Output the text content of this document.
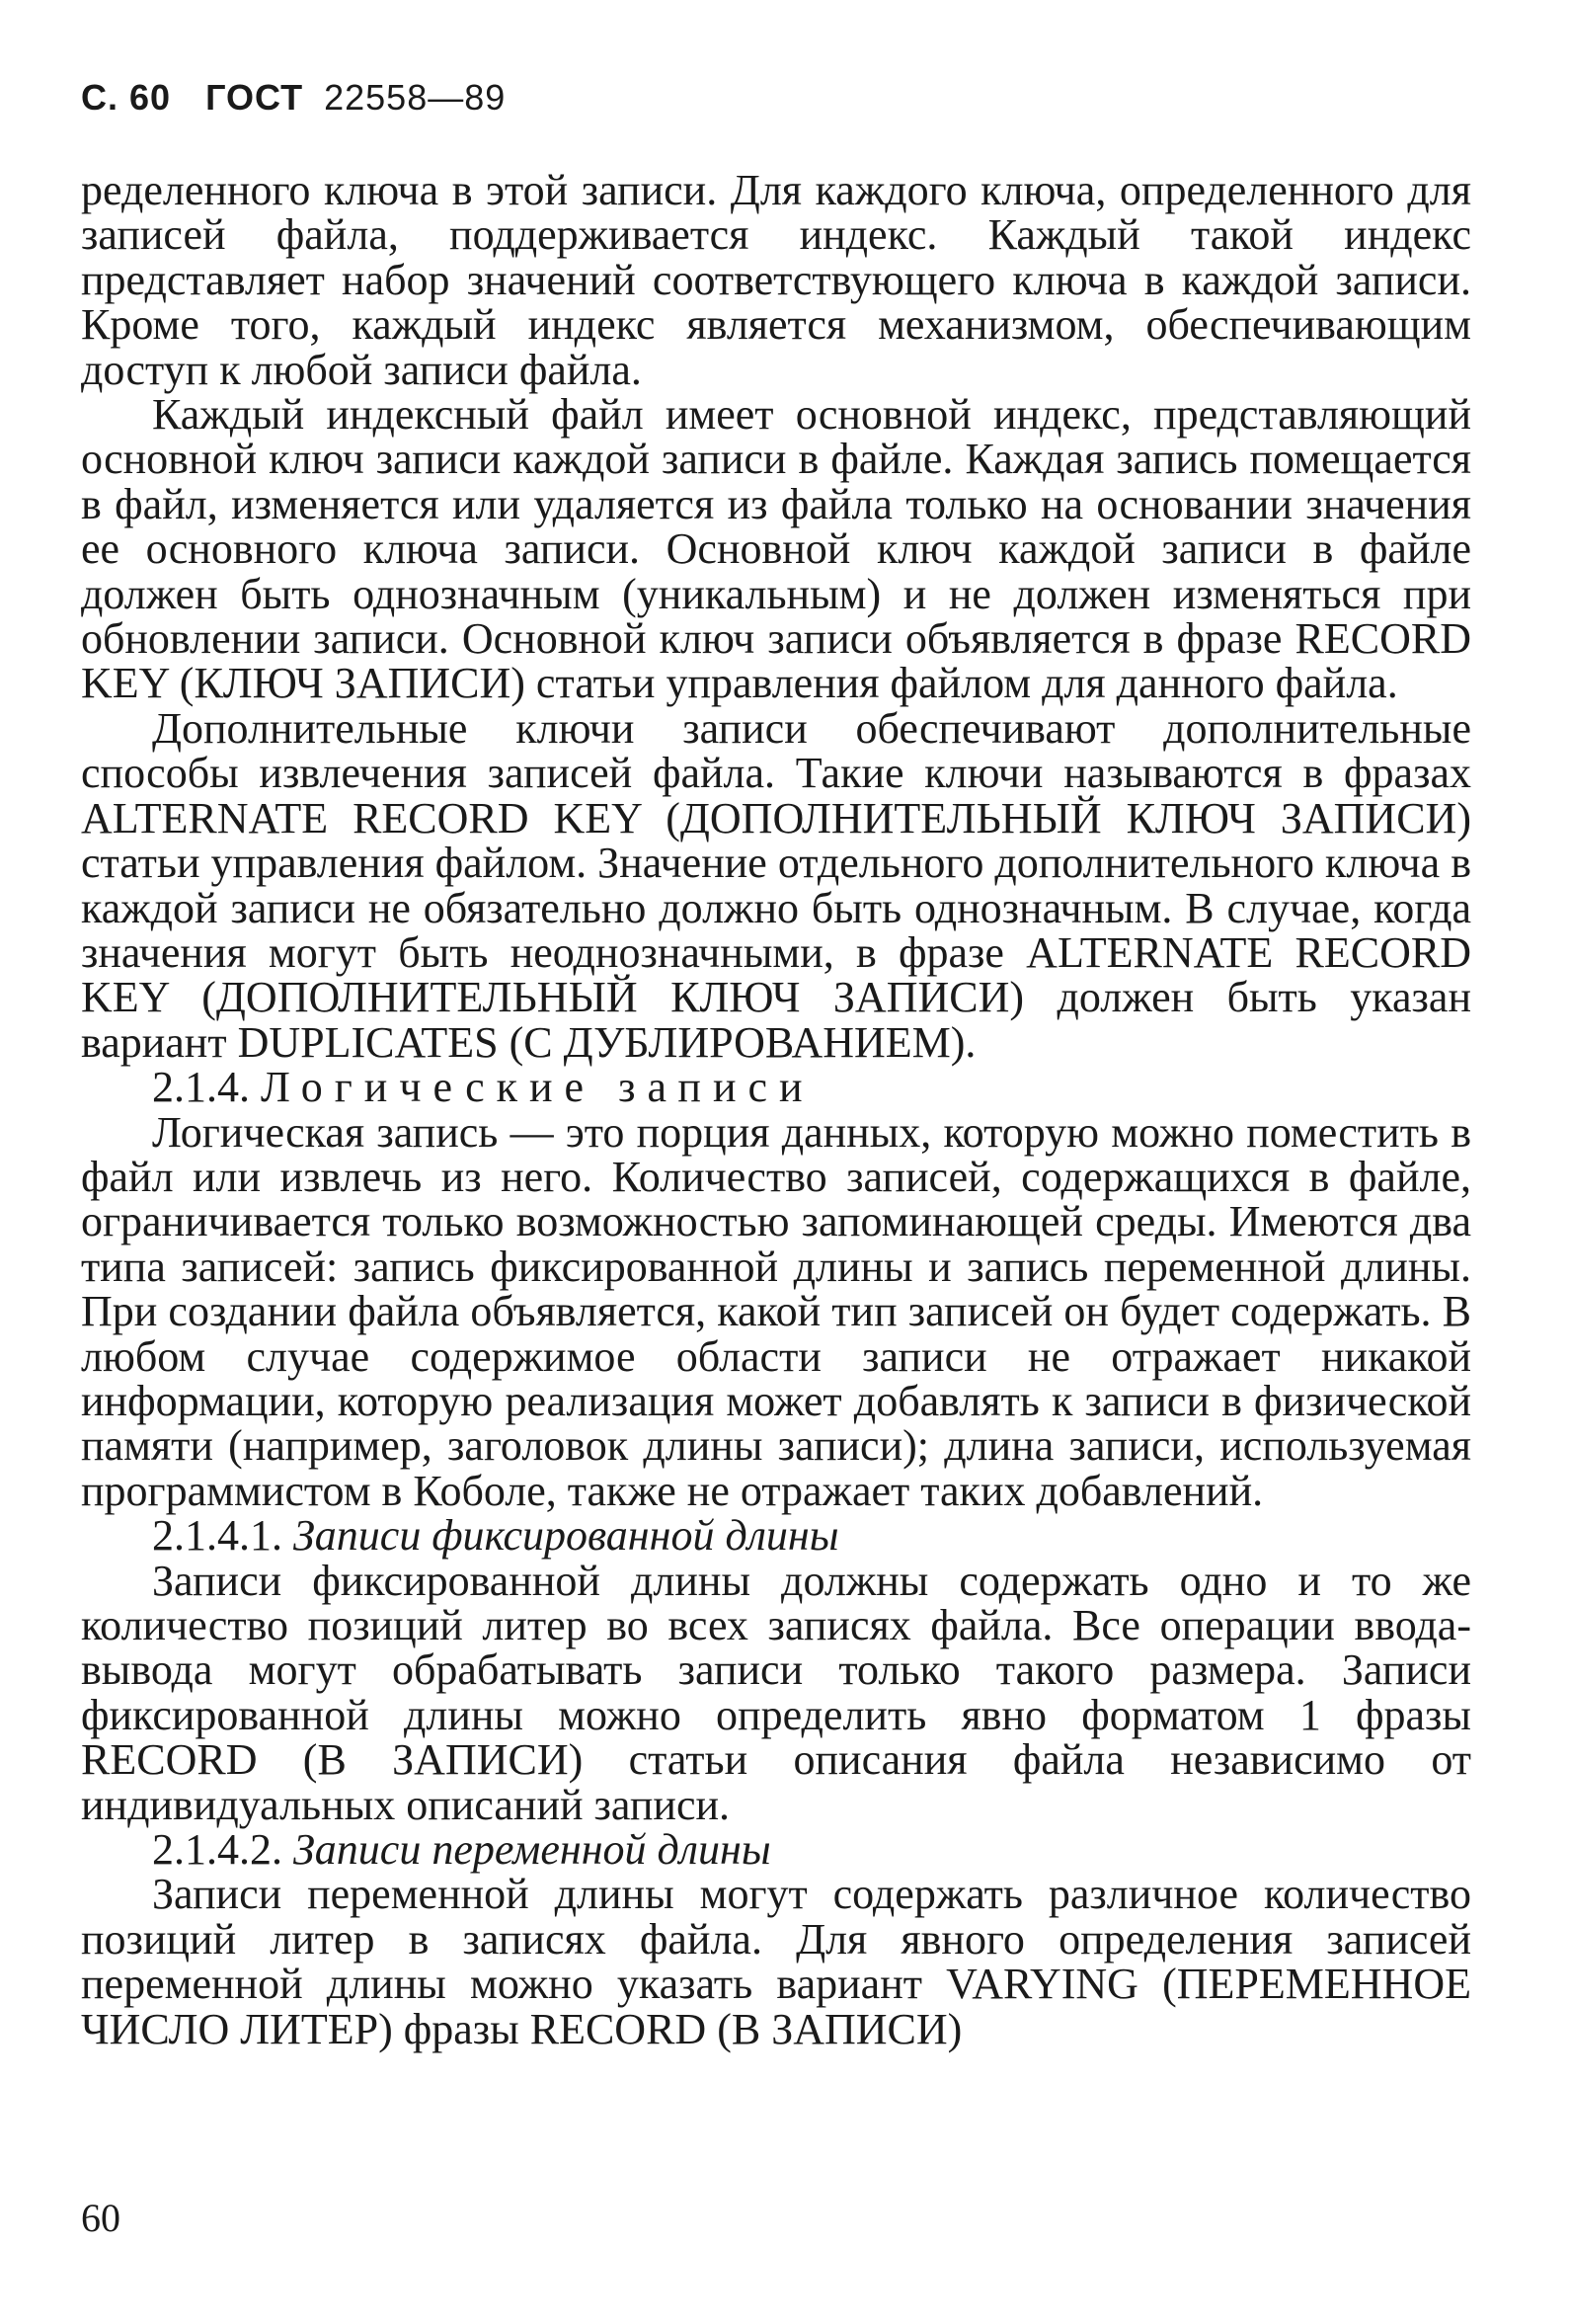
С. 60 ГОСТ 22558—89

ределенного ключа в этой записи. Для каждого ключа, определенного для записей файла, поддерживается индекс. Каждый такой индекс представляет набор значений соответствующего ключа в каждой записи. Кроме того, каждый индекс является механизмом, обеспечивающим доступ к любой записи файла.

Каждый индексный файл имеет основной индекс, представляющий основной ключ записи каждой записи в файле. Каждая запись помещается в файл, изменяется или удаляется из файла только на основании значения ее основного ключа записи. Основной ключ каждой записи в файле должен быть однозначным (уникальным) и не должен изменяться при обновлении записи. Основной ключ записи объявляется в фразе RECORD KEY (КЛЮЧ ЗАПИСИ) статьи управления файлом для данного файла.

Дополнительные ключи записи обеспечивают дополнительные способы извлечения записей файла. Такие ключи называются в фразах ALTERNATE RECORD KEY (ДОПОЛНИТЕЛЬНЫЙ КЛЮЧ ЗАПИСИ) статьи управления файлом. Значение отдельного дополнительного ключа в каждой записи не обязательно должно быть однозначным. В случае, когда значения могут быть неоднозначными, в фразе ALTERNATE RECORD KEY (ДОПОЛНИТЕЛЬНЫЙ КЛЮЧ ЗАПИСИ) должен быть указан вариант DUPLICATES (С ДУБЛИРОВАНИЕМ).

2.1.4. Логические записи

Логическая запись — это порция данных, которую можно поместить в файл или извлечь из него. Количество записей, содержащихся в файле, ограничивается только возможностью запоминающей среды. Имеются два типа записей: запись фиксированной длины и запись переменной длины. При создании файла объявляется, какой тип записей он будет содержать. В любом случае содержимое области записи не отражает никакой информации, которую реализация может добавлять к записи в физической памяти (например, заголовок длины записи); длина записи, используемая программистом в Коболе, также не отражает таких добавлений.

2.1.4.1. Записи фиксированной длины

Записи фиксированной длины должны содержать одно и то же количество позиций литер во всех записях файла. Все операции ввода-вывода могут обрабатывать записи только такого размера. Записи фиксированной длины можно определить явно форматом 1 фразы RECORD (В ЗАПИСИ) статьи описания файла независимо от индивидуальных описаний записи.

2.1.4.2. Записи переменной длины

Записи переменной длины могут содержать различное количество позиций литер в записях файла. Для явного определения записей переменной длины можно указать вариант VARYING (ПЕРЕМЕННОЕ ЧИСЛО ЛИТЕР) фразы RECORD (В ЗАПИСИ)

60
